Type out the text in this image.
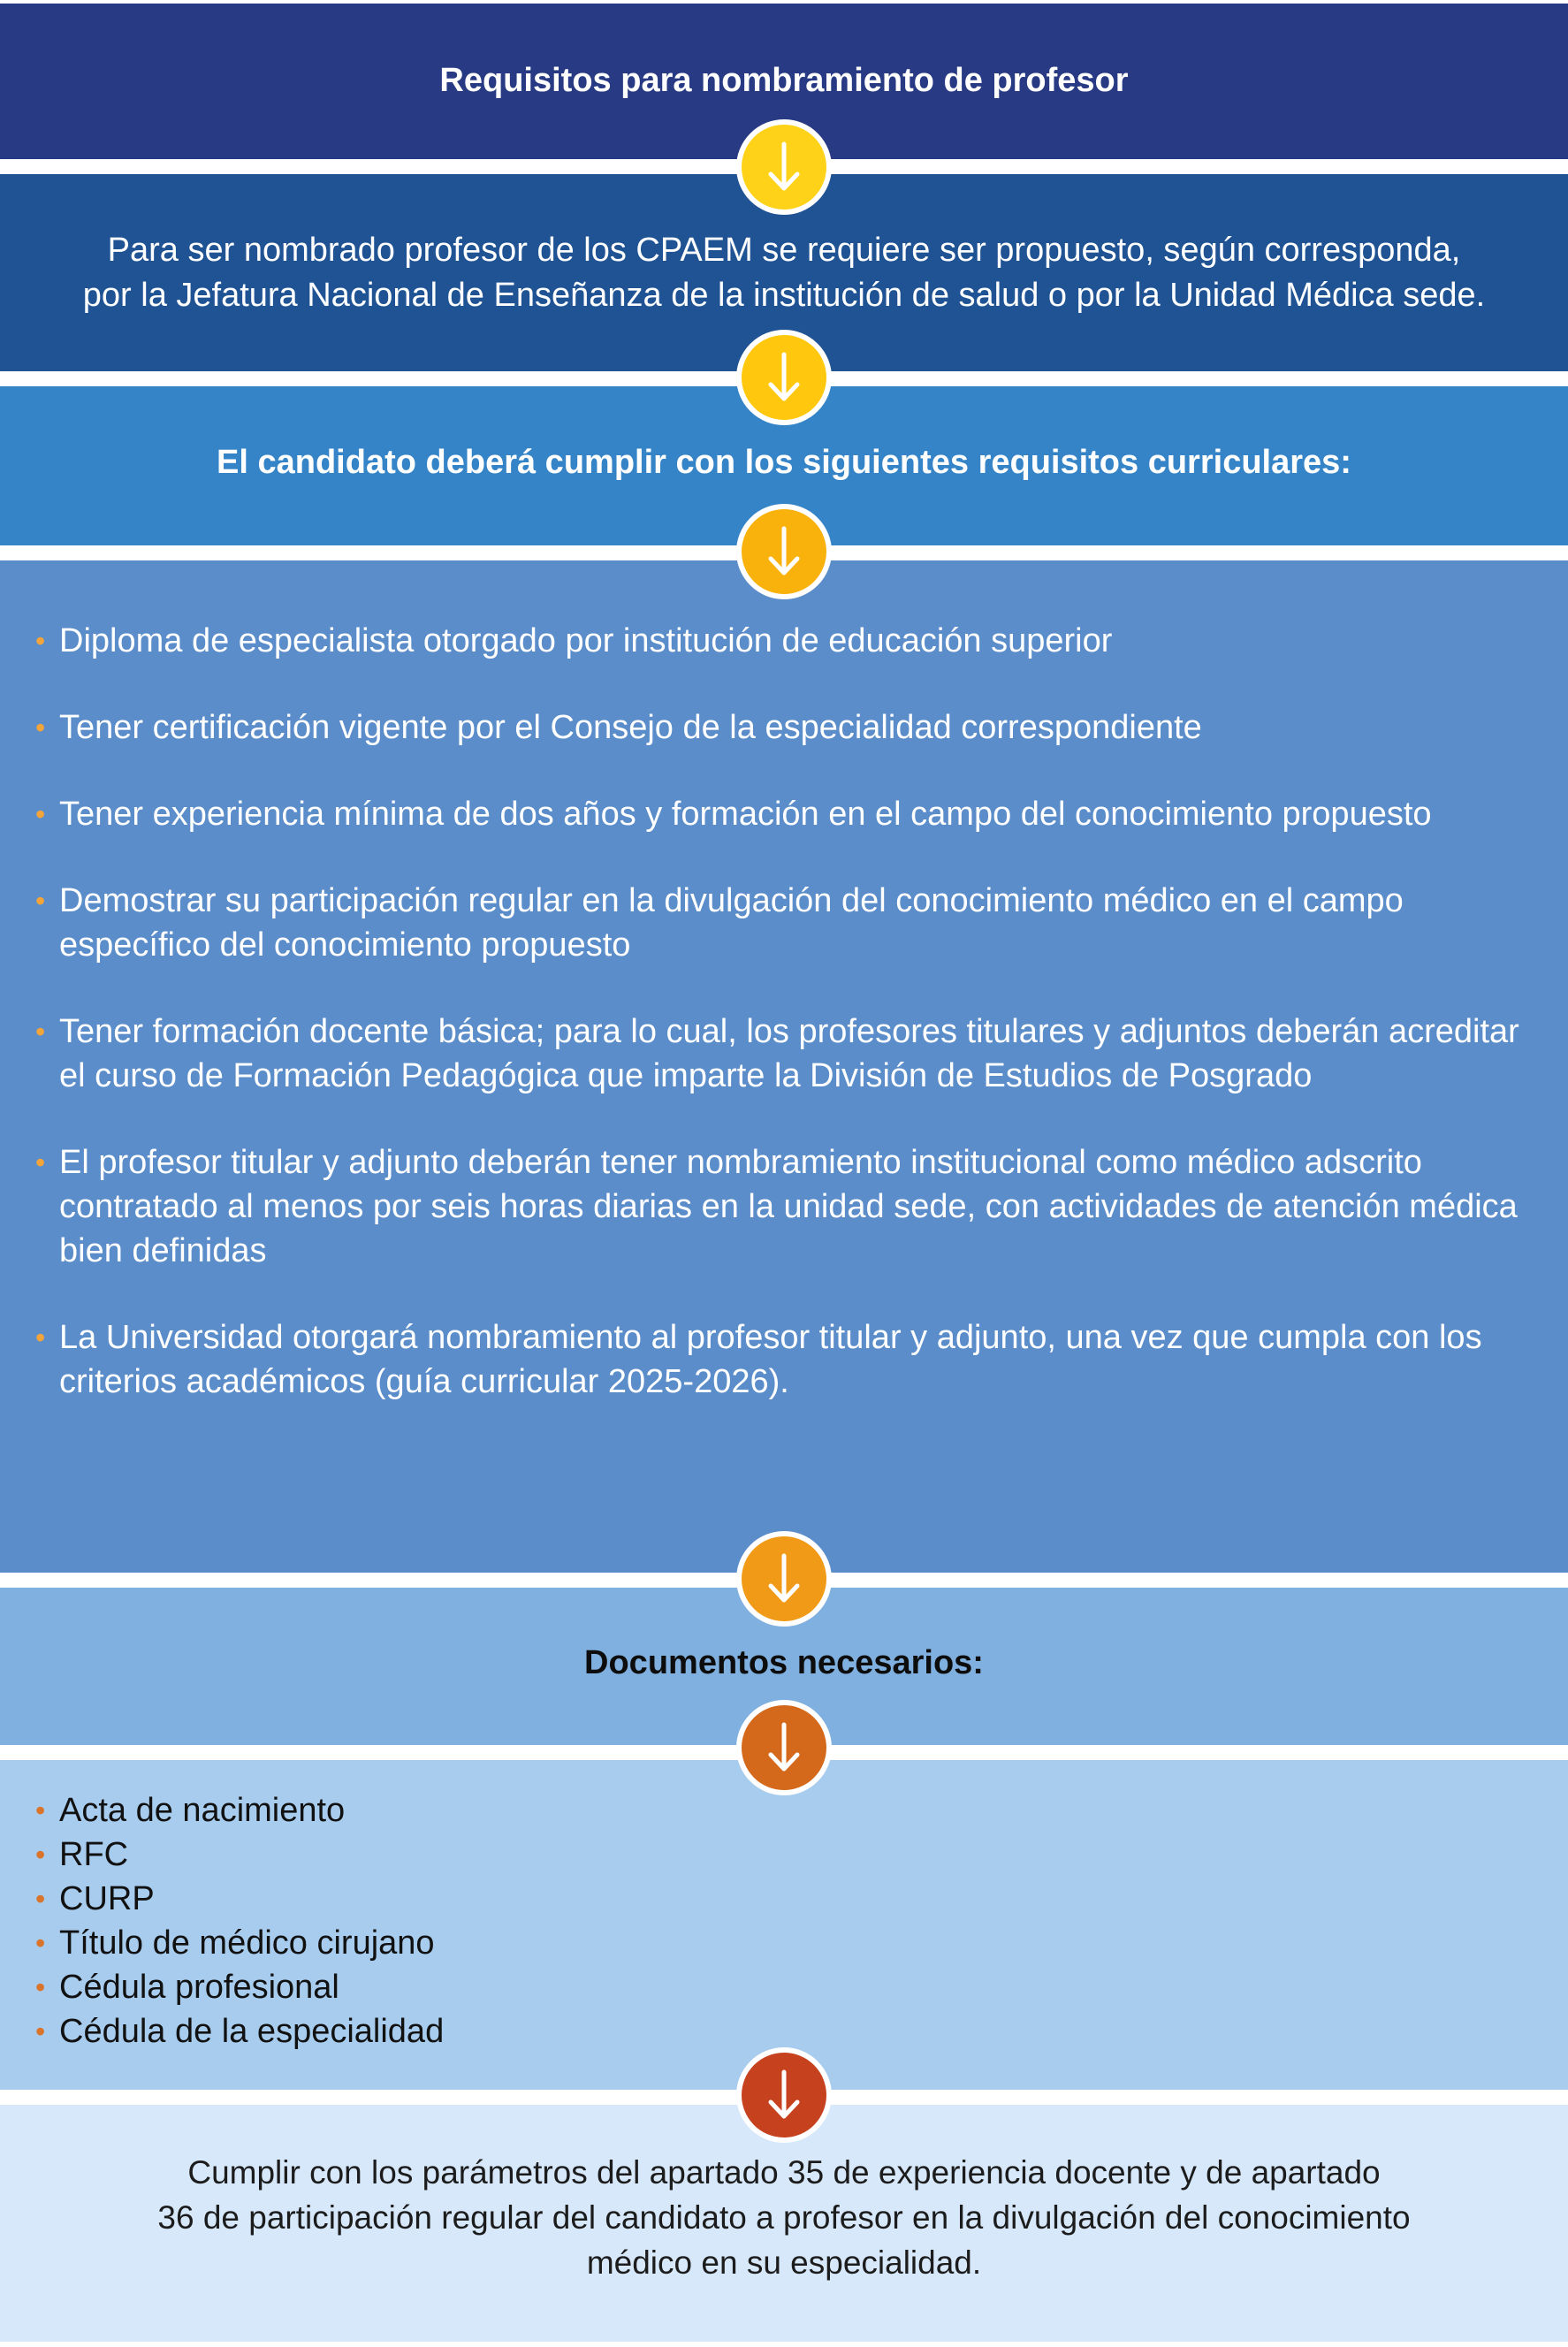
Requisitos para nombramiento de profesor
Para ser nombrado profesor de los CPAEM se requiere ser propuesto, según corresponda,
por la Jefatura Nacional de Enseñanza de la institución de salud o por la Unidad Médica sede.
El candidato deberá cumplir con los siguientes requisitos curriculares:
• Diploma de especialista otorgado por institución de educación superior
• Tener certificación vigente por el Consejo de la especialidad correspondiente
• Tener experiencia mínima de dos años y formación en el campo del conocimiento propuesto
• Demostrar su participación regular en la divulgación del conocimiento médico en el campo específico del conocimiento propuesto
• Tener formación docente básica; para lo cual, los profesores titulares y adjuntos deberán acreditar el curso de Formación Pedagógica que imparte la División de Estudios de Posgrado
• El profesor titular y adjunto deberán tener nombramiento institucional como médico adscrito contratado al menos por seis horas diarias en la unidad sede, con actividades de atención médica bien definidas
• La Universidad otorgará nombramiento al profesor titular y adjunto, una vez que cumpla con los criterios académicos (guía curricular 2025-2026).
Documentos necesarios:
• Acta de nacimiento
• RFC
• CURP
• Título de médico cirujano
• Cédula profesional
• Cédula de la especialidad
Cumplir con los parámetros del apartado 35 de experiencia docente y de apartado
36 de participación regular del candidato a profesor en la divulgación del conocimiento
médico en su especialidad.
